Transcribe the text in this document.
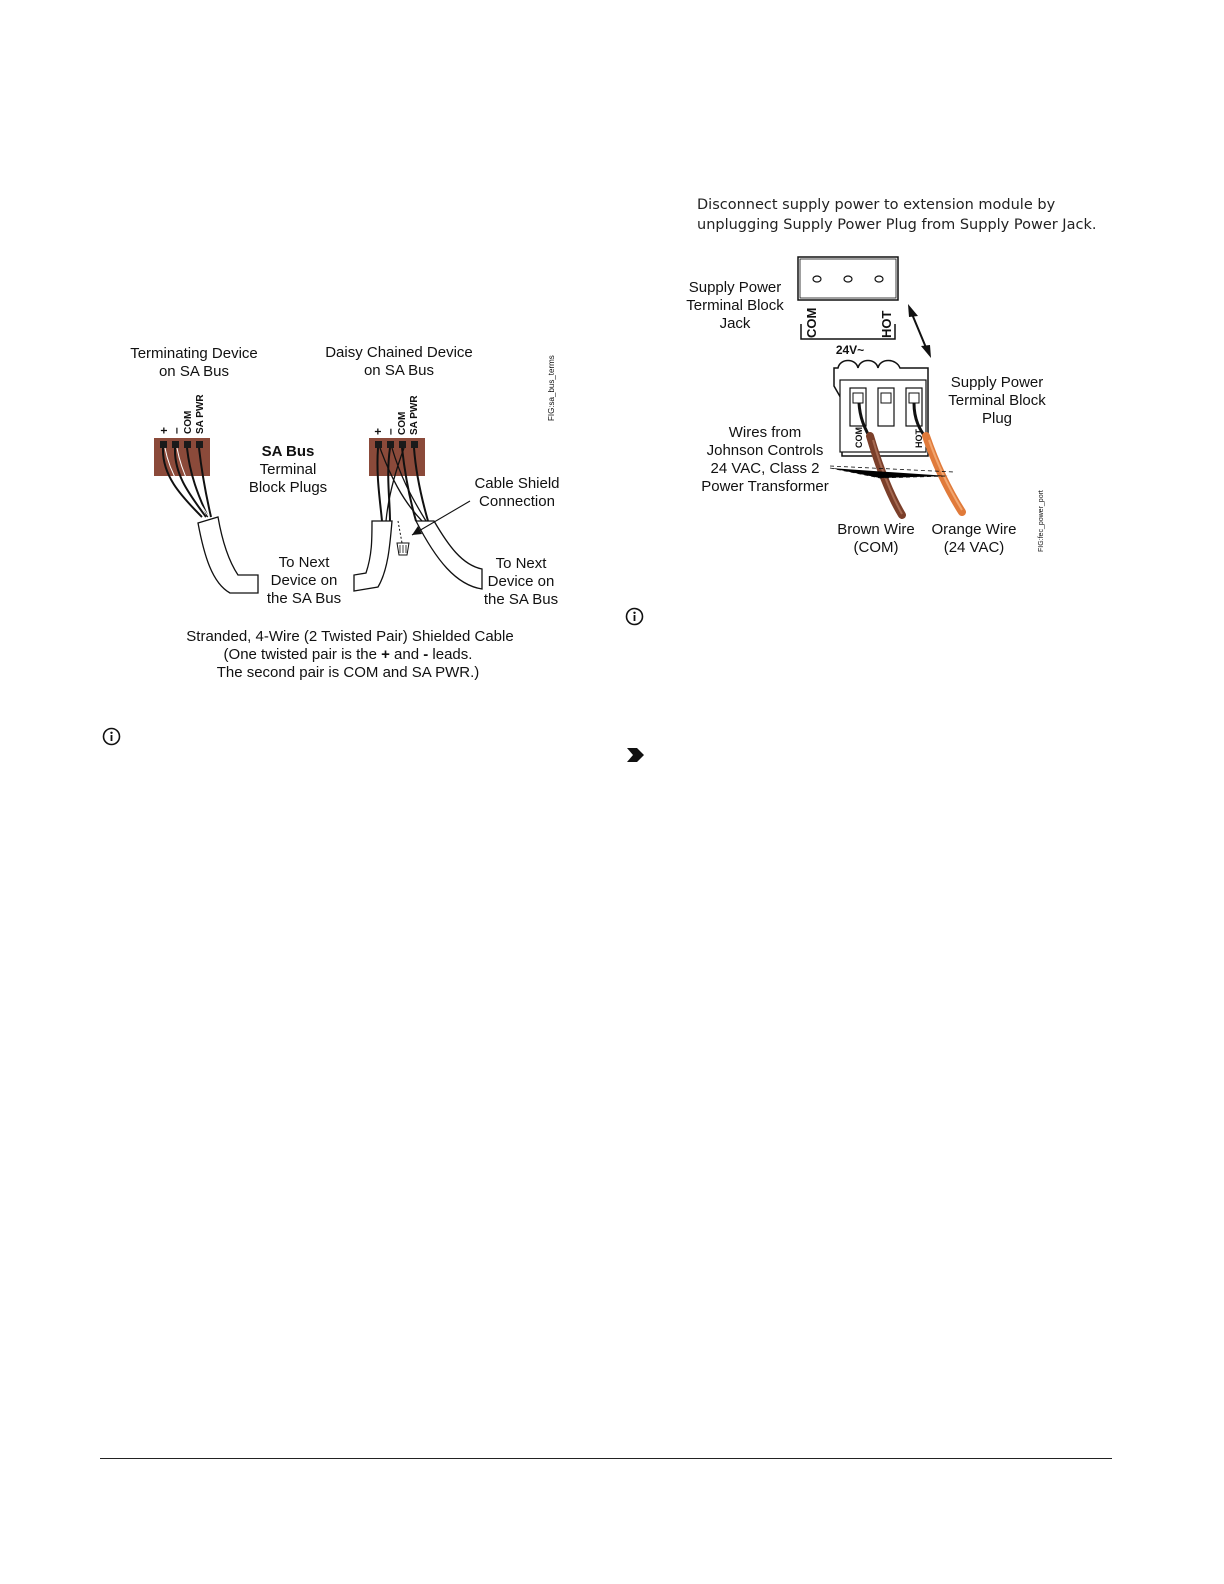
Terminating Device
on SA Bus
Daisy Chained Device
on SA Bus	FIG:sa_bus_terms
+
– COM SA PWR
SA Bus
Terminal
Block Plugs
+
– COM SA PWR
Cable Shield
Connection
To Next
Device on
the SA Bus
To Next
Device on
the SA Bus
Stranded, 4-Wire (2 Twisted Pair) Shielded Cable
(One twisted pair is the + and - leads.
The second pair is COM and SA PWR.)
Disconnect supply power to extension module by
unplugging Supply Power Plug from Supply Power Jack.
Supply Power
Terminal Block
Jack	COM	HOT
24V~
COM	HOT
Supply Power
Terminal Block
Plug
Wires from
Johnson Controls
24 VAC, Class 2
Power Transformer
Brown Wire
(COM)
Orange Wire
(24 VAC)	FIG:fec_power_port
